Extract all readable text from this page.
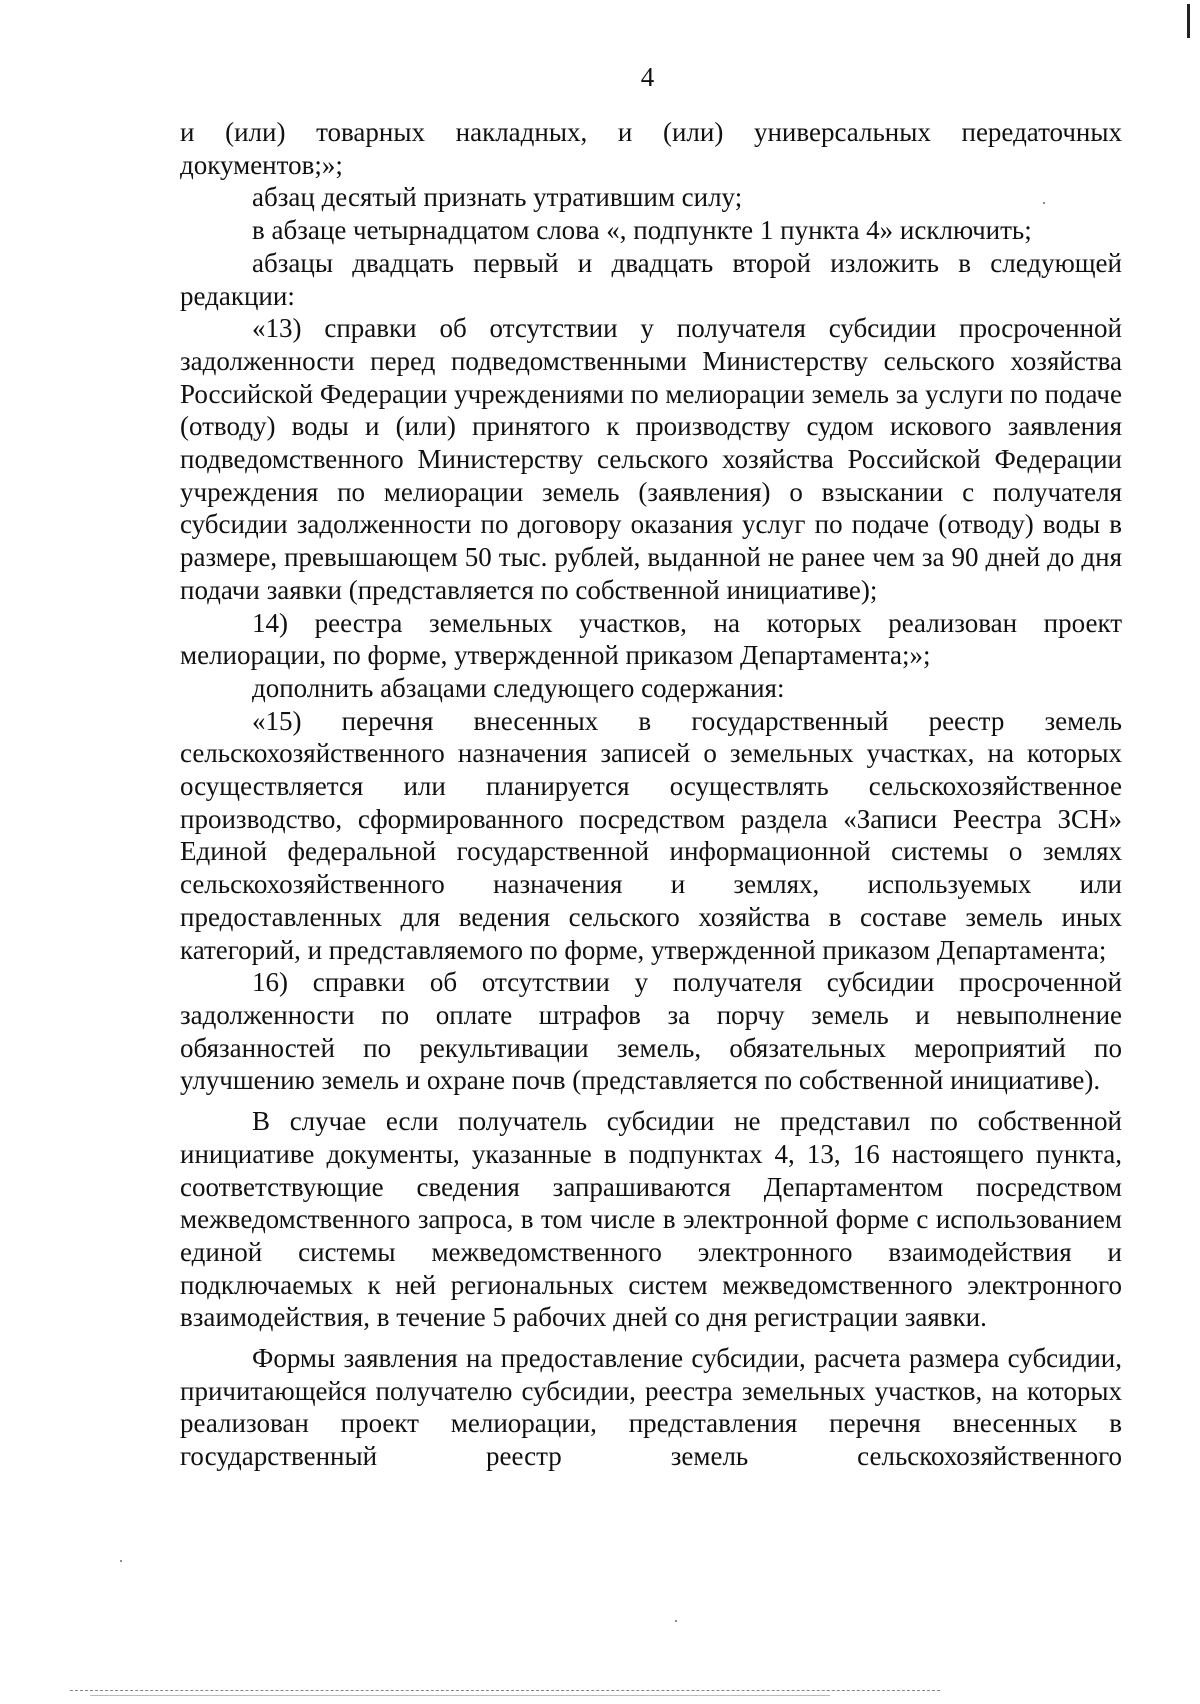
4

и (или) товарных накладных, и (или) универсальных передаточных документов;»;

абзац десятый признать утратившим силу;

в абзаце четырнадцатом слова «, подпункте 1 пункта 4» исключить;

абзацы двадцать первый и двадцать второй изложить в следующей редакции:

«13) справки об отсутствии у получателя субсидии просроченной задолженности перед подведомственными Министерству сельского хозяйства Российской Федерации учреждениями по мелиорации земель за услуги по подаче (отводу) воды и (или) принятого к производству судом искового заявления подведомственного Министерству сельского хозяйства Российской Федерации учреждения по мелиорации земель (заявления) о взыскании с получателя субсидии задолженности по договору оказания услуг по подаче (отводу) воды в размере, превышающем 50 тыс. рублей, выданной не ранее чем за 90 дней до дня подачи заявки (представляется по собственной инициативе);

14) реестра земельных участков, на которых реализован проект мелиорации, по форме, утвержденной приказом Департамента;»;

дополнить абзацами следующего содержания:

«15) перечня внесенных в государственный реестр земель сельскохозяйственного назначения записей о земельных участках, на которых осуществляется или планируется осуществлять сельскохозяйственное производство, сформированного посредством раздела «Записи Реестра ЗСН» Единой федеральной государственной информационной системы о землях сельскохозяйственного назначения и землях, используемых или предоставленных для ведения сельского хозяйства в составе земель иных категорий, и представляемого по форме, утвержденной приказом Департамента;

16) справки об отсутствии у получателя субсидии просроченной задолженности по оплате штрафов за порчу земель и невыполнение обязанностей по рекультивации земель, обязательных мероприятий по улучшению земель и охране почв (представляется по собственной инициативе).

В случае если получатель субсидии не представил по собственной инициативе документы, указанные в подпунктах 4, 13, 16 настоящего пункта, соответствующие сведения запрашиваются Департаментом посредством межведомственного запроса, в том числе в электронной форме с использованием единой системы межведомственного электронного взаимодействия и подключаемых к ней региональных систем межведомственного электронного взаимодействия, в течение 5 рабочих дней со дня регистрации заявки.

Формы заявления на предоставление субсидии, расчета размера субсидии, причитающейся получателю субсидии, реестра земельных участков, на которых реализован проект мелиорации, представления перечня внесенных в государственный реестр земель сельскохозяйственного
